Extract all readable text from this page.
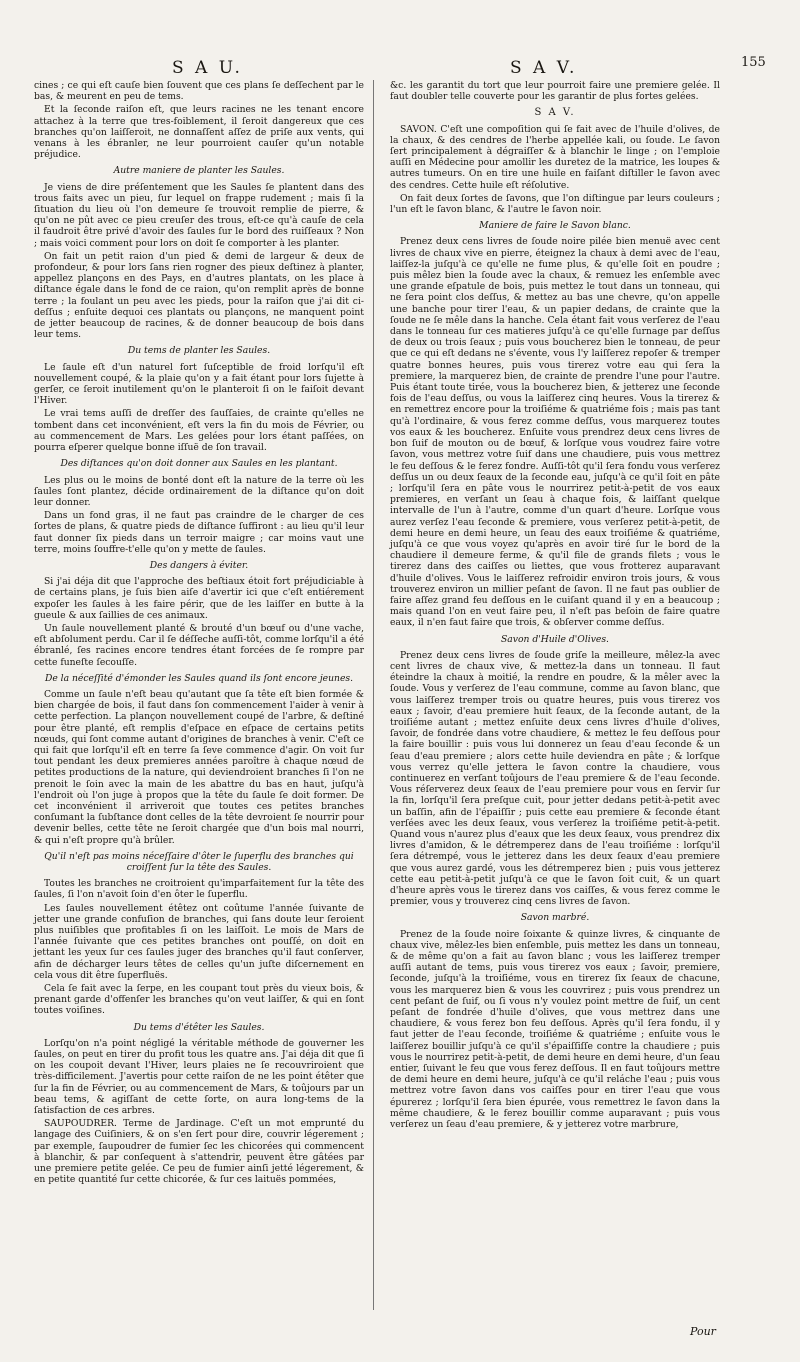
S A U.	S A V.	155

cines ; ce qui eſt cauſe bien ſouvent que ces plans ſe deſſechent par le bas, & meurent en peu de tems.

Et la ſeconde raiſon eſt, que leurs racines ne les tenant encore attachez à la terre que tres-foiblement, il ſeroit dangereux que ces branches qu'on laiſſeroit, ne donnaſſent aſſez de priſe aux vents, qui venans à les ébranler, ne leur pourroient cauſer qu'un notable préjudice.

Autre maniere de planter les Saules.

Je viens de dire préſentement que les Saules ſe plantent dans des trous faits avec un pieu, ſur lequel on frappe rudement ; mais ſi la ſituation du lieu où l'on demeure ſe trouvoit remplie de pierre, & qu'on ne pût avec ce pieu creuſer des trous, eſt-ce qu'à cauſe de cela il faudroit être privé d'avoir des ſaules ſur le bord des ruiſſeaux ? Non ; mais voici comment pour lors on doit ſe comporter à les planter.

On fait un petit raion d'un pied & demi de largeur & deux de profondeur, & pour lors ſans rien rogner des pieux deſtinez à planter, appellez plançons en des Pays, en d'autres plantats, on les place à diſtance égale dans le fond de ce raion, qu'on remplit après de bonne terre ; la foulant un peu avec les pieds, pour la raiſon que j'ai dit ci-deſſus ; enſuite dequoi ces plantats ou plançons, ne manquent point de jetter beaucoup de racines, & de donner beaucoup de bois dans leur tems.

Du tems de planter les Saules.

Le ſaule eſt d'un naturel fort ſuſceptible de froid lorſqu'il eſt nouvellement coupé, & la plaie qu'on y a fait étant pour lors ſujette à gerſer, ce ſeroit inutilement qu'on le planteroit ſi on le faiſoit devant l'Hiver.

Le vrai tems auſſi de dreſſer des ſauſſaies, de crainte qu'elles ne tombent dans cet inconvénient, eſt vers la fin du mois de Février, ou au commencement de Mars. Les gelées pour lors étant paſſées, on pourra eſperer quelque bonne iſſuë de ſon travail.

Des diſtances qu'on doit donner aux Saules en les plantant.

Les plus ou le moins de bonté dont eſt la nature de la terre où les ſaules ſont plantez, décide ordinairement de la diſtance qu'on doit leur donner.

Dans un fond gras, il ne faut pas craindre de le charger de ces ſortes de plans, & quatre pieds de diſtance ſuffiront : au lieu qu'il leur faut donner ſix pieds dans un terroir maigre ; car moins vaut une terre, moins ſouffre-t'elle qu'on y mette de ſaules.

Des dangers à éviter.

Si j'ai déja dit que l'approche des beſtiaux étoit fort préjudiciable à de certains plans, je ſuis bien aiſe d'avertir ici que c'eſt entiérement expoſer les ſaules à les faire périr, que de les laiſſer en butte à la gueule & aux ſaillies de ces animaux.

Un ſaule nouvellement planté & brouté d'un bœuf ou d'une vache, eſt abſolument perdu. Car il ſe déſſeche auſſi-tôt, comme lorſqu'il a été ébranlé, ſes racines encore tendres étant forcées de ſe rompre par cette funeſte ſecouſſe.

De la néceſſité d'émonder les Saules quand ils ſont encore jeunes.

Comme un ſaule n'eſt beau qu'autant que ſa tête eſt bien formée & bien chargée de bois, il faut dans ſon commencement l'aider à venir à cette perfection. La plançon nouvellement coupé de l'arbre, & deſtiné pour être planté, eſt remplis d'eſpace en eſpace de certains petits nœuds, qui ſont comme autant d'origines de branches à venir. C'eſt ce qui fait que lorſqu'il eſt en terre ſa ſeve commence d'agir. On voit ſur tout pendant les deux premieres années paroître à chaque nœud de petites productions de la nature, qui deviendroient branches ſi l'on ne prenoit le ſoin avec la main de les abattre du bas en haut, juſqu'à l'endroit où l'on juge à propos que la tête du ſaule ſe doit former. De cet inconvénient il arriveroit que toutes ces petites branches conſumant la ſubſtance dont celles de la tête devroient ſe nourrir pour devenir belles, cette tête ne ſeroit chargée que d'un bois mal nourri, & qui n'eſt propre qu'à brûler.

Qu'il n'eſt pas moins néceſſaire d'ôter le ſuperflu des branches qui croiſſent ſur la tête des Saules.

Toutes les branches ne croitroient qu'imparfaitement ſur la tête des ſaules, ſi l'on n'avoit ſoin d'en ôter le ſuperflu.

Les ſaules nouvellement étêtez ont coûtume l'année ſuivante de jetter une grande confuſion de branches, qui ſans doute leur ſeroient plus nuiſibles que profitables ſi on les laiſſoit. Le mois de Mars de l'année ſuivante que ces petites branches ont pouſſé, on doit en jettant les yeux ſur ces ſaules juger des branches qu'il faut conſerver, afin de décharger leurs têtes de celles qu'un juſte diſcernement en cela vous dit être ſuperfluës.

Cela ſe fait avec la ſerpe, en les coupant tout près du vieux bois, & prenant garde d'offenſer les branches qu'on veut laiſſer, & qui en ſont toutes voiſines.

Du tems d'étêter les Saules.

Lorſqu'on n'a point négligé la véritable méthode de gouverner les ſaules, on peut en tirer du profit tous les quatre ans. J'ai déja dit que ſi on les coupoit devant l'Hiver, leurs plaies ne ſe recouvriroient que très-difficilement. J'avertis pour cette raiſon de ne les point étêter que ſur la fin de Février, ou au commencement de Mars, & toûjours par un beau tems, & agiſſant de cette ſorte, on aura long-tems de la ſatisfaction de ces arbres.

SAUPOUDRER. Terme de Jardinage. C'eſt un mot emprunté du langage des Cuiſiniers, & on s'en ſert pour dire, couvrir légerement ; par exemple, ſaupoudrer de fumier ſec les chicorées qui commencent à blanchir, & par conſequent à s'attendrir, peuvent être gâtées par une premiere petite gelée. Ce peu de fumier ainſi jetté légerement, & en petite quantité ſur cette chicorée, & ſur ces laituës pommées,

&c. les garantit du tort que leur pourroit faire une premiere gelée. Il faut doubler telle couverte pour les garantir de plus fortes gelées.

S A V.

SAVON. C'eſt une compoſition qui ſe fait avec de l'huile d'olives, de la chaux, & des cendres de l'herbe appellée kali, ou ſoude. Le ſavon ſert principalement à dégraiſſer & à blanchir le linge ; on l'emploie auſſi en Médecine pour amollir les duretez de la matrice, les loupes & autres tumeurs. On en tire une huile en faiſant diſtiller le ſavon avec des cendres. Cette huile eſt réſolutive.

On fait deux ſortes de ſavons, que l'on diſtingue par leurs couleurs ; l'un eſt le ſavon blanc, & l'autre le ſavon noir.

Maniere de faire le Savon blanc.

Prenez deux cens livres de ſoude noire pilée bien menuë avec cent livres de chaux vive en pierre, éteignez la chaux à demi avec de l'eau, laiſſez-la juſqu'à ce qu'elle ne fume plus, & qu'elle ſoit en poudre ; puis mêlez bien la ſoude avec la chaux, & remuez les enſemble avec une grande eſpatule de bois, puis mettez le tout dans un tonneau, qui ne ſera point clos deſſus, & mettez au bas une chevre, qu'on appelle une banche pour tirer l'eau, & un papier dedans, de crainte que la ſoude ne ſe mêle dans la hanche. Cela étant fait vous verſerez de l'eau dans le tonneau ſur ces matieres juſqu'à ce qu'elle ſurnage par deſſus de deux ou trois ſeaux ; puis vous boucherez bien le tonneau, de peur que ce qui eſt dedans ne s'évente, vous l'y laiſſerez repoſer & tremper quatre bonnes heures, puis vous tirerez votre eau qui ſera la premiere, la marquerez bien, de crainte de prendre l'une pour l'autre. Puis étant toute tirée, vous la boucherez bien, & jetterez une ſeconde fois de l'eau deſſus, ou vous la laiſſerez cinq heures. Vous la tirerez & en remettrez encore pour la troiſiéme & quatriéme fois ; mais pas tant qu'à l'ordinaire, & vous ferez comme deſſus, vous marquerez toutes vos eaux & les boucherez. Enſuite vous prendrez deux cens livres de bon ſuif de mouton ou de bœuf, & lorſque vous voudrez faire votre ſavon, vous mettrez votre ſuif dans une chaudiere, puis vous mettrez le feu deſſous & le ferez fondre. Auſſi-tôt qu'il ſera fondu vous verſerez deſſus un ou deux ſeaux de la ſeconde eau, juſqu'à ce qu'il ſoit en pâte ; lorſqu'il ſera en pâte vous le nourrirez petit-à-petit de vos eaux premieres, en verſant un ſeau à chaque fois, & laiſſant quelque intervalle de l'un à l'autre, comme d'un quart d'heure. Lorſque vous aurez verſez l'eau ſeconde & premiere, vous verſerez petit-à-petit, de demi heure en demi heure, un ſeau des eaux troiſiéme & quatriéme, juſqu'à ce que vous voyez qu'après en avoir tiré ſur le bord de la chaudiere il demeure ferme, & qu'il file de grands filets ; vous le tirerez dans des caiſſes ou liettes, que vous frotterez auparavant d'huile d'olives. Vous le laiſſerez refroidir environ trois jours, & vous trouverez environ un millier peſant de ſavon. Il ne faut pas oublier de faire aſſez grand feu deſſous en le cuiſant quand il y en a beaucoup ; mais quand l'on en veut faire peu, il n'eſt pas beſoin de faire quatre eaux, il n'en faut faire que trois, & obſerver comme deſſus.

Savon d'Huile d'Olives.

Prenez deux cens livres de ſoude griſe la meilleure, mêlez-la avec cent livres de chaux vive, & mettez-la dans un tonneau. Il faut éteindre la chaux à moitié, la rendre en poudre, & la mêler avec la ſoude. Vous y verſerez de l'eau commune, comme au ſavon blanc, que vous laiſſerez tremper trois ou quatre heures, puis vous tirerez vos eaux ; ſavoir, d'eau premiere huit ſeaux, de la ſeconde autant, de la troiſiéme autant ; mettez enſuite deux cens livres d'huile d'olives, ſavoir, de fondrée dans votre chaudiere, & mettez le feu deſſous pour la faire bouillir : puis vous lui donnerez un ſeau d'eau ſeconde & un ſeau d'eau premiere ; alors cette huile deviendra en pâte ; & lorſque vous verrez qu'elle jettera le ſavon contre la chaudiere, vous continuerez en verſant toûjours de l'eau premiere & de l'eau ſeconde. Vous réſerverez deux ſeaux de l'eau premiere pour vous en ſervir ſur la fin, lorſqu'il ſera preſque cuit, pour jetter dedans petit-à-petit avec un baſſin, afin de l'épaiſſir ; puis cette eau premiere & ſeconde étant verſées avec les deux ſeaux, vous verſerez la troiſiéme petit-à-petit. Quand vous n'aurez plus d'eaux que les deux ſeaux, vous prendrez dix livres d'amidon, & le détremperez dans de l'eau troiſiéme : lorſqu'il ſera détrempé, vous le jetterez dans les deux ſeaux d'eau premiere que vous aurez gardé, vous les détremperez bien ; puis vous jetterez cette eau petit-à-petit juſqu'à ce que le ſavon ſoit cuit, & un quart d'heure après vous le tirerez dans vos caiſſes, & vous ferez comme le premier, vous y trouverez cinq cens livres de ſavon.

Savon marbré.

Prenez de la ſoude noire ſoixante & quinze livres, & cinquante de chaux vive, mêlez-les bien enſemble, puis mettez les dans un tonneau, & de même qu'on a fait au ſavon blanc ; vous les laiſſerez tremper auſſi autant de tems, puis vous tirerez vos eaux ; ſavoir, premiere, ſeconde, juſqu'à la troiſiéme, vous en tirerez ſix ſeaux de chacune, vous les marquerez bien & vous les couvrirez ; puis vous prendrez un cent peſant de ſuif, ou ſi vous n'y voulez point mettre de ſuif, un cent peſant de fondrée d'huile d'olives, que vous mettrez dans une chaudiere, & vous ferez bon feu deſſous. Après qu'il ſera fondu, il y faut jetter de l'eau ſeconde, troiſiéme & quatriéme ; enſuite vous le laiſſerez bouillir juſqu'à ce qu'il s'épaiſſiſſe contre la chaudiere ; puis vous le nourrirez petit-à-petit, de demi heure en demi heure, d'un ſeau entier, ſuivant le feu que vous ferez deſſous. Il en faut toûjours mettre de demi heure en demi heure, juſqu'à ce qu'il reláche l'eau ; puis vous mettrez votre ſavon dans vos caiſſes pour en tirer l'eau que vous épurerez ; lorſqu'il ſera bien épurée, vous remettrez le ſavon dans la même chaudiere, & le ferez bouillir comme auparavant ; puis vous verſerez un ſeau d'eau premiere, & y jetterez votre marbrure,

Pour
